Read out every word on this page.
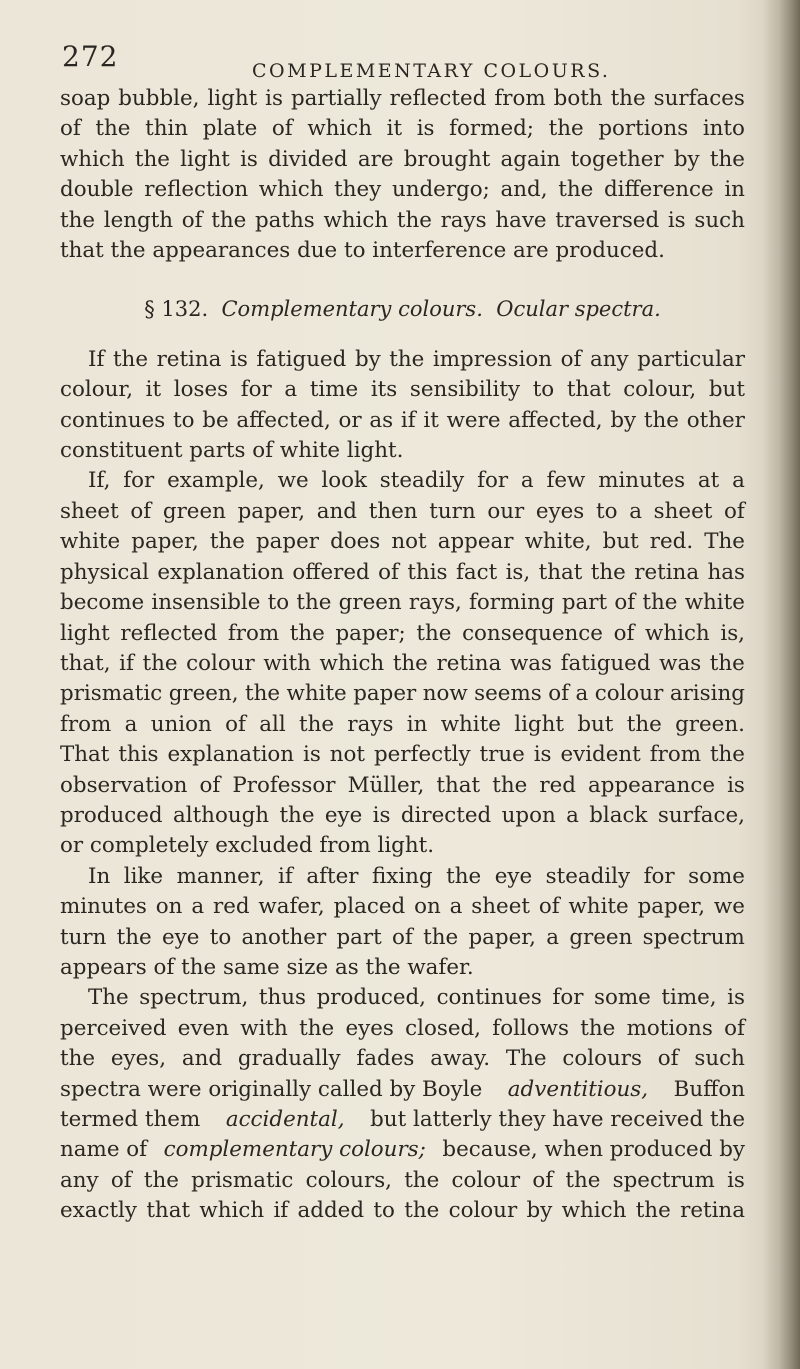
272	COMPLEMENTARY COLOURS.
soap bubble, light is partially reflected from both the surfaces
of the thin plate of which it is formed; the portions into
which the light is divided are brought again together by the
double reflection which they undergo; and, the difference in
the length of the paths which the rays have traversed is such
that the appearances due to interference are produced.
§ 132. Complementary colours. Ocular spectra.
If the retina is fatigued by the impression of any particular
colour, it loses for a time its sensibility to that colour, but
continues to be affected, or as if it were affected, by the other
constituent parts of white light.
If, for example, we look steadily for a few minutes at a
sheet of green paper, and then turn our eyes to a sheet of
white paper, the paper does not appear white, but red. The
physical explanation offered of this fact is, that the retina has
become insensible to the green rays, forming part of the white
light reflected from the paper; the consequence of which is,
that, if the colour with which the retina was fatigued was the
prismatic green, the white paper now seems of a colour arising
from a union of all the rays in white light but the green.
That this explanation is not perfectly true is evident from the
observation of Professor Müller, that the red appearance is
produced although the eye is directed upon a black surface,
or completely excluded from light.
In like manner, if after fixing the eye steadily for some
minutes on a red wafer, placed on a sheet of white paper, we
turn the eye to another part of the paper, a green spectrum
appears of the same size as the wafer.
The spectrum, thus produced, continues for some time, is
perceived even with the eyes closed, follows the motions of
the eyes, and gradually fades away. The colours of such
spectra were originally called by Boyle adventitious, Buffon
termed them accidental, but latterly they have received the
name of complementary colours; because, when produced by
any of the prismatic colours, the colour of the spectrum is
exactly that which if added to the colour by which the retina
